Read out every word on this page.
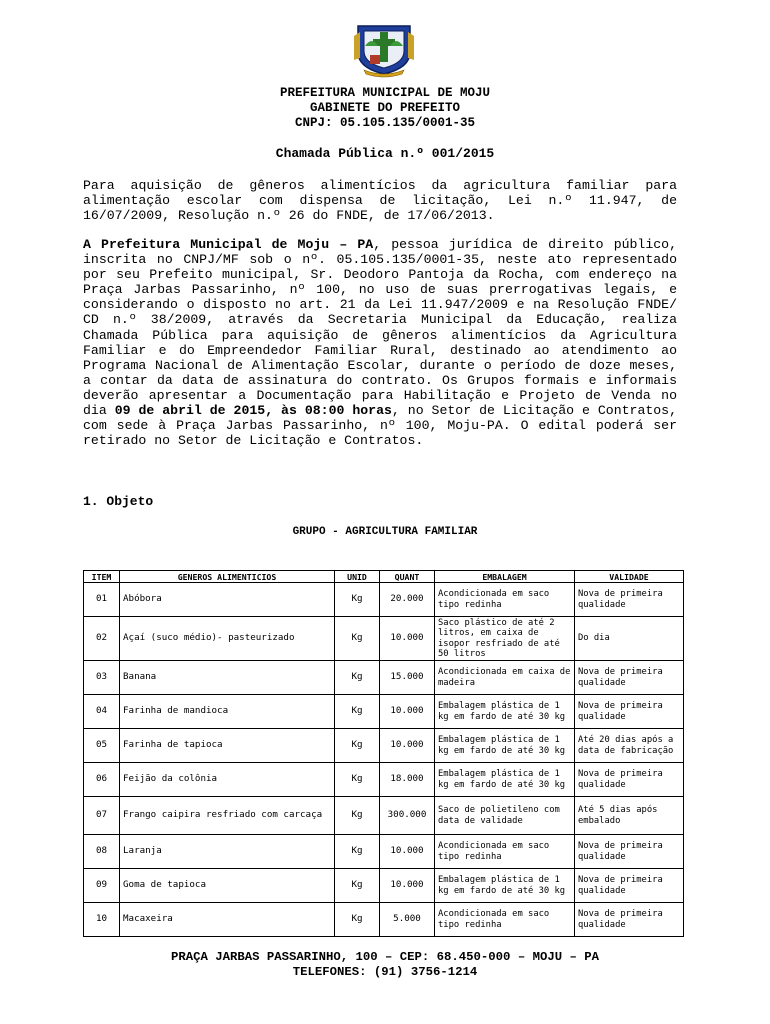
PREFEITURA MUNICIPAL DE MOJU
GABINETE DO PREFEITO
CNPJ: 05.105.135/0001-35
Chamada Pública n.º 001/2015
Para aquisição de gêneros alimentícios da agricultura familiar para alimentação escolar com dispensa de licitação, Lei n.º 11.947, de 16/07/2009, Resolução n.º 26 do FNDE, de 17/06/2013.
A Prefeitura Municipal de Moju – PA, pessoa jurídica de direito público, inscrita no CNPJ/MF sob o nº. 05.105.135/0001-35, neste ato representado por seu Prefeito municipal, Sr. Deodoro Pantoja da Rocha, com endereço na Praça Jarbas Passarinho, nº 100, no uso de suas prerrogativas legais, e considerando o disposto no art. 21 da Lei 11.947/2009 e na Resolução FNDE/ CD n.º 38/2009, através da Secretaria Municipal da Educação, realiza Chamada Pública para aquisição de gêneros alimentícios da Agricultura Familiar e do Empreendedor Familiar Rural, destinado ao atendimento ao Programa Nacional de Alimentação Escolar, durante o período de doze meses, a contar da data de assinatura do contrato. Os Grupos formais e informais deverão apresentar a Documentação para Habilitação e Projeto de Venda no dia 09 de abril de 2015, às 08:00 horas, no Setor de Licitação e Contratos, com sede à Praça Jarbas Passarinho, nº 100, Moju-PA. O edital poderá ser retirado no Setor de Licitação e Contratos.
1. Objeto
GRUPO - AGRICULTURA FAMILIAR
ITEM	GENEROS ALIMENTICIOS	UNID	QUANT	EMBALAGEM	VALIDADE
01	Abóbora	Kg	20.000	Acondicionada em saco tipo redinha	Nova de primeira qualidade
02	Açaí (suco médio)- pasteurizado	Kg	10.000	Saco plástico de até 2 litros, em caixa de isopor resfriado de até 50 litros	Do dia
03	Banana	Kg	15.000	Acondicionada em caixa de madeira	Nova de primeira qualidade
04	Farinha de mandioca	Kg	10.000	Embalagem plástica de 1 kg em fardo de até 30 kg	Nova de primeira qualidade
05	Farinha de tapioca	Kg	10.000	Embalagem plástica de 1 kg em fardo de até 30 kg	Até 20 dias após a data de fabricação
06	Feijão da colônia	Kg	18.000	Embalagem plástica de 1 kg em fardo de até 30 kg	Nova de primeira qualidade
07	Frango caipira resfriado com carcaça	Kg	300.000	Saco de polietileno com data de validade	Até 5 dias após embalado
08	Laranja	Kg	10.000	Acondicionada em saco tipo redinha	Nova de primeira qualidade
09	Goma de tapioca	Kg	10.000	Embalagem plástica de 1 kg em fardo de até 30 kg	Nova de primeira qualidade
10	Macaxeira	Kg	5.000	Acondicionada em saco tipo redinha	Nova de primeira qualidade
PRAÇA JARBAS PASSARINHO, 100 – CEP: 68.450-000 – MOJU – PA
TELEFONES: (91) 3756-1214
